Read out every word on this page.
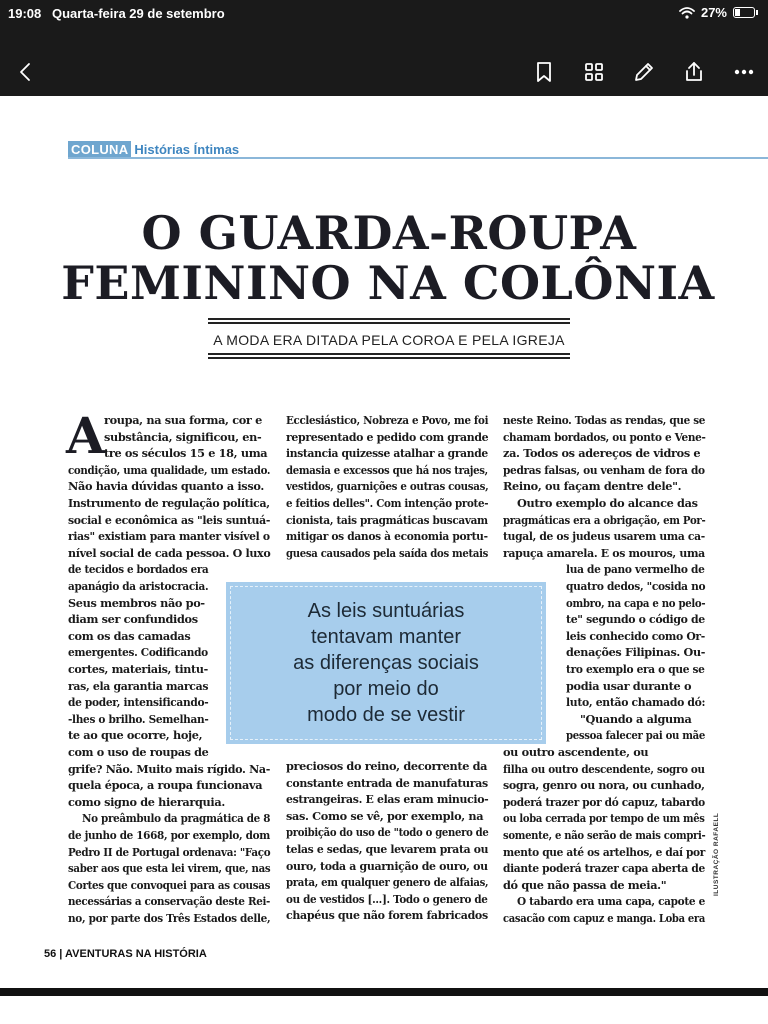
19:08 Quarta-feira 29 de setembro	27%
COLUNA Histórias Íntimas
O GUARDA-ROUPA
FEMININO NA COLÔNIA
A MODA ERA DITADA PELA COROA E PELA IGREJA
A roupa, na sua forma, cor e
substância, significou, en-
tre os séculos 15 e 18, uma
condição, uma qualidade, um estado.
Não havia dúvidas quanto a isso.
Instrumento de regulação política,
social e econômica as "leis suntuá-
rias" existiam para manter visível o
nível social de cada pessoa. O luxo
de tecidos e bordados era
apanágio da aristocracia.
Seus membros não po-
diam ser confundidos
com os das camadas
emergentes. Codificando
cortes, materiais, tintu-
ras, ela garantia marcas
de poder, intensificando-
-lhes o brilho. Semelhan-
te ao que ocorre, hoje,
com o uso de roupas de
grife? Não. Muito mais rígido. Na-
quela época, a roupa funcionava
como signo de hierarquia.
No preâmbulo da pragmática de 8
de junho de 1668, por exemplo, dom
Pedro II de Portugal ordenava: "Faço
saber aos que esta lei virem, que, nas
Cortes que convoquei para as cousas
necessárias a conservação deste Rei-
no, por parte dos Três Estados delle,
Ecclesiástico, Nobreza e Povo, me foi
representado e pedido com grande
instancia quizesse atalhar a grande
demasia e excessos que há nos trajes,
vestidos, guarnições e outras cousas,
e feitios delles". Com intenção prote-
cionista, tais pragmáticas buscavam
mitigar os danos à economia portu-
guesa causados pela saída dos metais
preciosos do reino, decorrente da
constante entrada de manufaturas
estrangeiras. E elas eram minucio-
sas. Como se vê, por exemplo, na
proibição do uso de "todo o genero de
telas e sedas, que levarem prata ou
ouro, toda a guarnição de ouro, ou
prata, em qualquer genero de alfaias,
ou de vestidos [...]. Todo o genero de
chapéus que não forem fabricados
neste Reino. Todas as rendas, que se
chamam bordados, ou ponto e Vene-
za. Todos os adereços de vidros e
pedras falsas, ou venham de fora do
Reino, ou façam dentre dele".
Outro exemplo do alcance das
pragmáticas era a obrigação, em Por-
tugal, de os judeus usarem uma ca-
rapuça amarela. E os mouros, uma
lua de pano vermelho de
quatro dedos, "cosida no
ombro, na capa e no pelo-
te" segundo o código de
leis conhecido como Or-
denações Filipinas. Ou-
tro exemplo era o que se
podia usar durante o
luto, então chamado dó:
"Quando a alguma
pessoa falecer pai ou mãe
ou outro ascendente, ou
filha ou outro descendente, sogro ou
sogra, genro ou nora, ou cunhado,
poderá trazer por dó capuz, tabardo
ou loba cerrada por tempo de um mês
somente, e não serão de mais compri-
mento que até os artelhos, e daí por
diante poderá trazer capa aberta de
dó que não passa de meia."
O tabardo era uma capa, capote e
casacão com capuz e manga. Loba era
As leis suntuárias
tentavam manter
as diferenças sociais
por meio do
modo de se vestir
ILUSTRAÇÃO RAFAELL
56 | AVENTURAS NA HISTÓRIA
